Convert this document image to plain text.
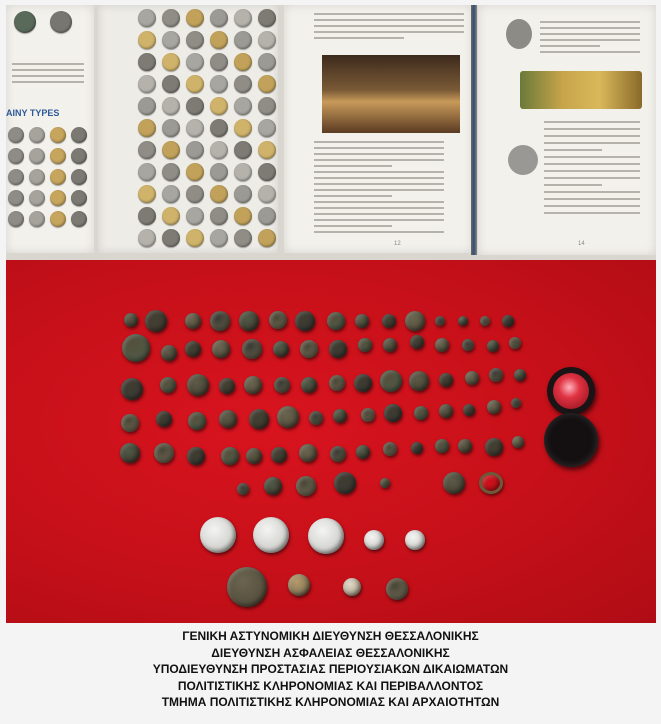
AINY TYPES
12	14
ΓΕΝΙΚΗ ΑΣΤΥΝΟΜΙΚΗ ΔΙΕΥΘΥΝΣΗ ΘΕΣΣΑΛΟΝΙΚΗΣ
ΔΙΕΥΘΥΝΣΗ ΑΣΦΑΛΕΙΑΣ ΘΕΣΣΑΛΟΝΙΚΗΣ
ΥΠΟΔΙΕΥΘΥΝΣΗ ΠΡΟΣΤΑΣΙΑΣ ΠΕΡΙΟΥΣΙΑΚΩΝ ΔΙΚΑΙΩΜΑΤΩΝ
ΠΟΛΙΤΙΣΤΙΚΗΣ ΚΛΗΡΟΝΟΜΙΑΣ ΚΑΙ ΠΕΡΙΒΑΛΛΟΝΤΟΣ
ΤΜΗΜΑ ΠΟΛΙΤΙΣΤΙΚΗΣ ΚΛΗΡΟΝΟΜΙΑΣ ΚΑΙ ΑΡΧΑΙΟΤΗΤΩΝ
